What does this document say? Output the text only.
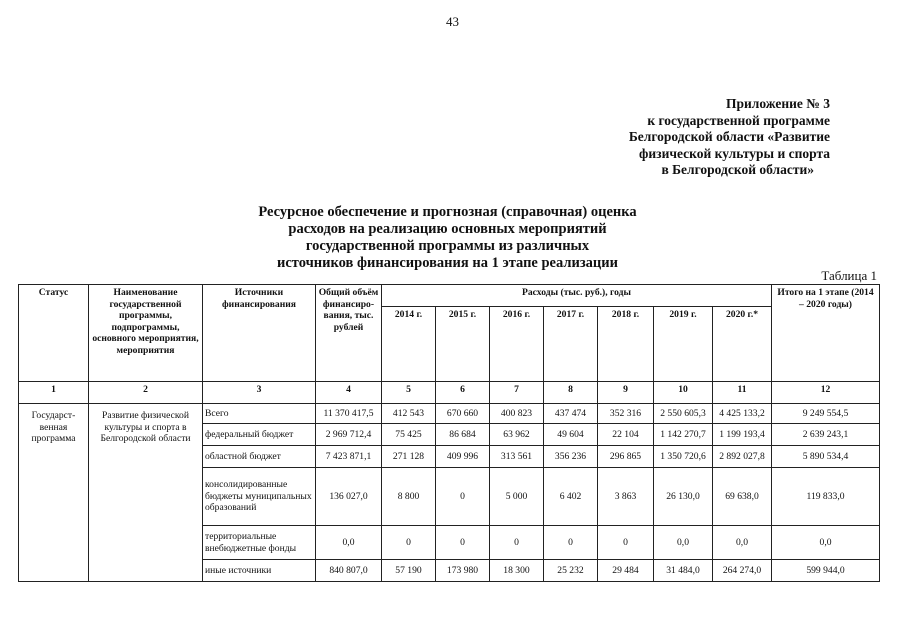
43
Приложение № 3
к государственной программе
Белгородской области «Развитие
физической культуры и спорта
в Белгородской области»
Ресурсное обеспечение и прогнозная (справочная) оценка
расходов на реализацию основных мероприятий
государственной программы из различных
источников финансирования на 1 этапе реализации
Таблица 1
Статус	Наименование государственной программы, подпрограммы, основного мероприятия, мероприятия	Источники финансирования	Общий объём финансиро-вания, тыс. рублей	Расходы (тыс. руб.), годы							Итого на 1 этапе (2014 – 2020 годы)
				2014 г.	2015 г.	2016 г.	2017 г.	2018 г.	2019 г.	2020 г.*	
1	2	3	4	5	6	7	8	9	10	11	12
Государст-венная программа	Развитие физической культуры и спорта в Белгородской области	Всего	11 370 417,5	412 543	670 660	400 823	437 474	352 316	2 550 605,3	4 425 133,2	9 249 554,5
		федеральный бюджет	2 969 712,4	75 425	86 684	63 962	49 604	22 104	1 142 270,7	1 199 193,4	2 639 243,1
		областной бюджет	7 423 871,1	271 128	409 996	313 561	356 236	296 865	1 350 720,6	2 892 027,8	5 890 534,4
		консолидированные бюджеты муниципальных образований	136 027,0	8 800	0	5 000	6 402	3 863	26 130,0	69 638,0	119 833,0
		территориальные внебюджетные фонды	0,0	0	0	0	0	0	0,0	0,0	0,0
		иные источники	840 807,0	57 190	173 980	18 300	25 232	29 484	31 484,0	264 274,0	599 944,0
